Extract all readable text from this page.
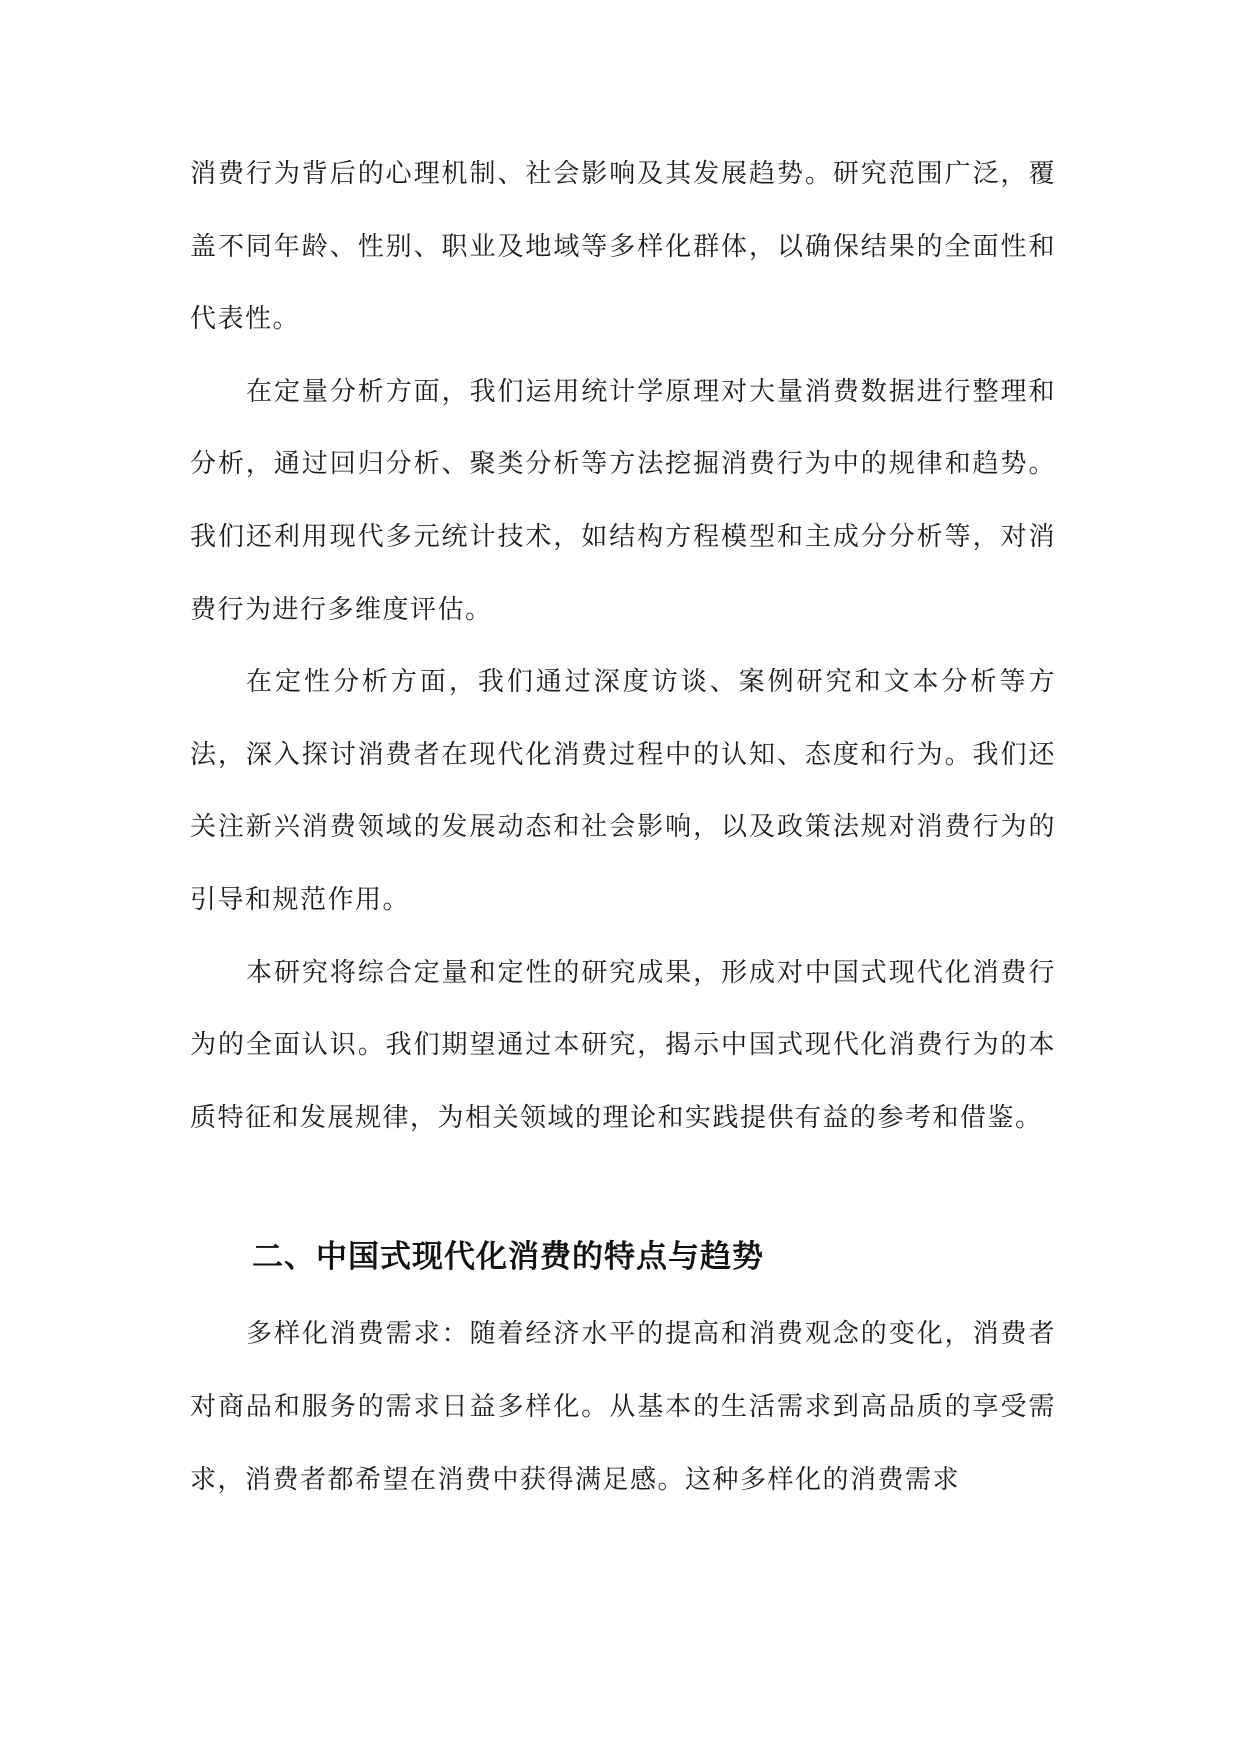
消费行为背后的心理机制、社会影响及其发展趋势。研究范围广泛，覆盖不同年龄、性别、职业及地域等多样化群体，以确保结果的全面性和代表性。

在定量分析方面，我们运用统计学原理对大量消费数据进行整理和分析，通过回归分析、聚类分析等方法挖掘消费行为中的规律和趋势。我们还利用现代多元统计技术，如结构方程模型和主成分分析等，对消费行为进行多维度评估。

在定性分析方面，我们通过深度访谈、案例研究和文本分析等方法，深入探讨消费者在现代化消费过程中的认知、态度和行为。我们还关注新兴消费领域的发展动态和社会影响，以及政策法规对消费行为的引导和规范作用。

本研究将综合定量和定性的研究成果，形成对中国式现代化消费行为的全面认识。我们期望通过本研究，揭示中国式现代化消费行为的本质特征和发展规律，为相关领域的理论和实践提供有益的参考和借鉴。

二、中国式现代化消费的特点与趋势

多样化消费需求：随着经济水平的提高和消费观念的变化，消费者对商品和服务的需求日益多样化。从基本的生活需求到高品质的享受需求，消费者都希望在消费中获得满足感。这种多样化的消费需求
